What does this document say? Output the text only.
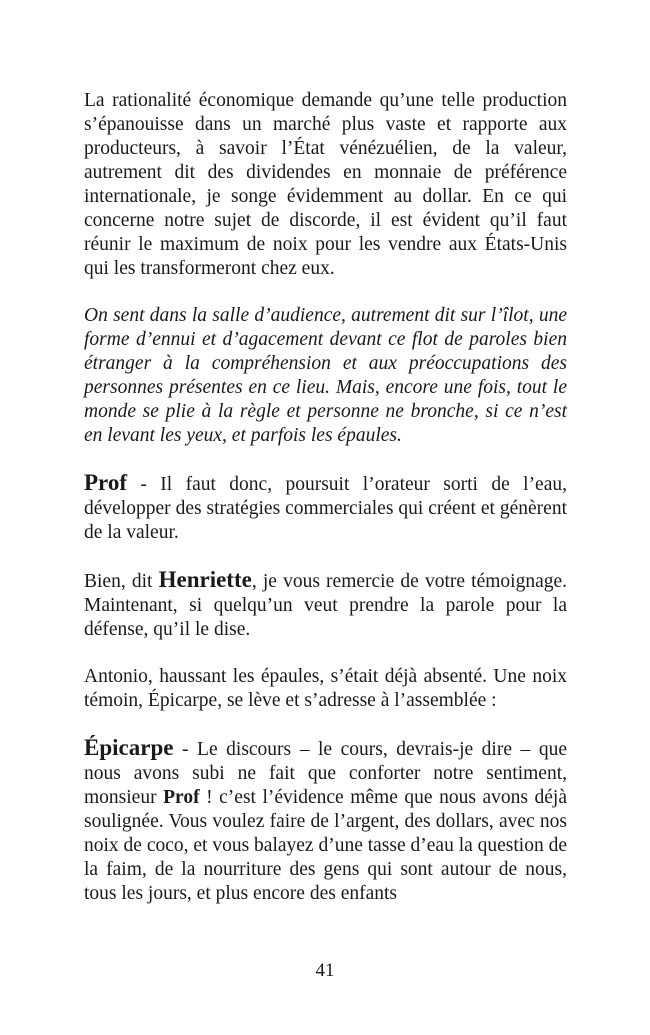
La rationalité économique demande qu’une telle production s’épanouisse dans un marché plus vaste et rapporte aux producteurs, à savoir l’État vénézuélien, de la valeur, autrement dit des dividendes en monnaie de préférence internationale, je songe évidemment au dollar. En ce qui concerne notre sujet de discorde, il est évident qu’il faut réunir le maximum de noix pour les vendre aux États-Unis qui les transformeront chez eux.

On sent dans la salle d’audience, autrement dit sur l’îlot, une forme d’ennui et d’agacement devant ce flot de paroles bien étranger à la compréhension et aux préoccupations des personnes présentes en ce lieu. Mais, encore une fois, tout le monde se plie à la règle et personne ne bronche, si ce n’est en levant les yeux, et parfois les épaules.

Prof - Il faut donc, poursuit l’orateur sorti de l’eau, développer des stratégies commerciales qui créent et génèrent de la valeur.

Bien, dit Henriette, je vous remercie de votre témoignage. Maintenant, si quelqu’un veut prendre la parole pour la défense, qu’il le dise.

Antonio, haussant les épaules, s’était déjà absenté. Une noix témoin, Épicarpe, se lève et s’adresse à l’assemblée :

Épicarpe - Le discours – le cours, devrais-je dire – que nous avons subi ne fait que conforter notre sentiment, monsieur Prof ! c’est l’évidence même que nous avons déjà soulignée. Vous voulez faire de l’argent, des dollars, avec nos noix de coco, et vous balayez d’une tasse d’eau la question de la faim, de la nourriture des gens qui sont autour de nous, tous les jours, et plus encore des enfants

41
